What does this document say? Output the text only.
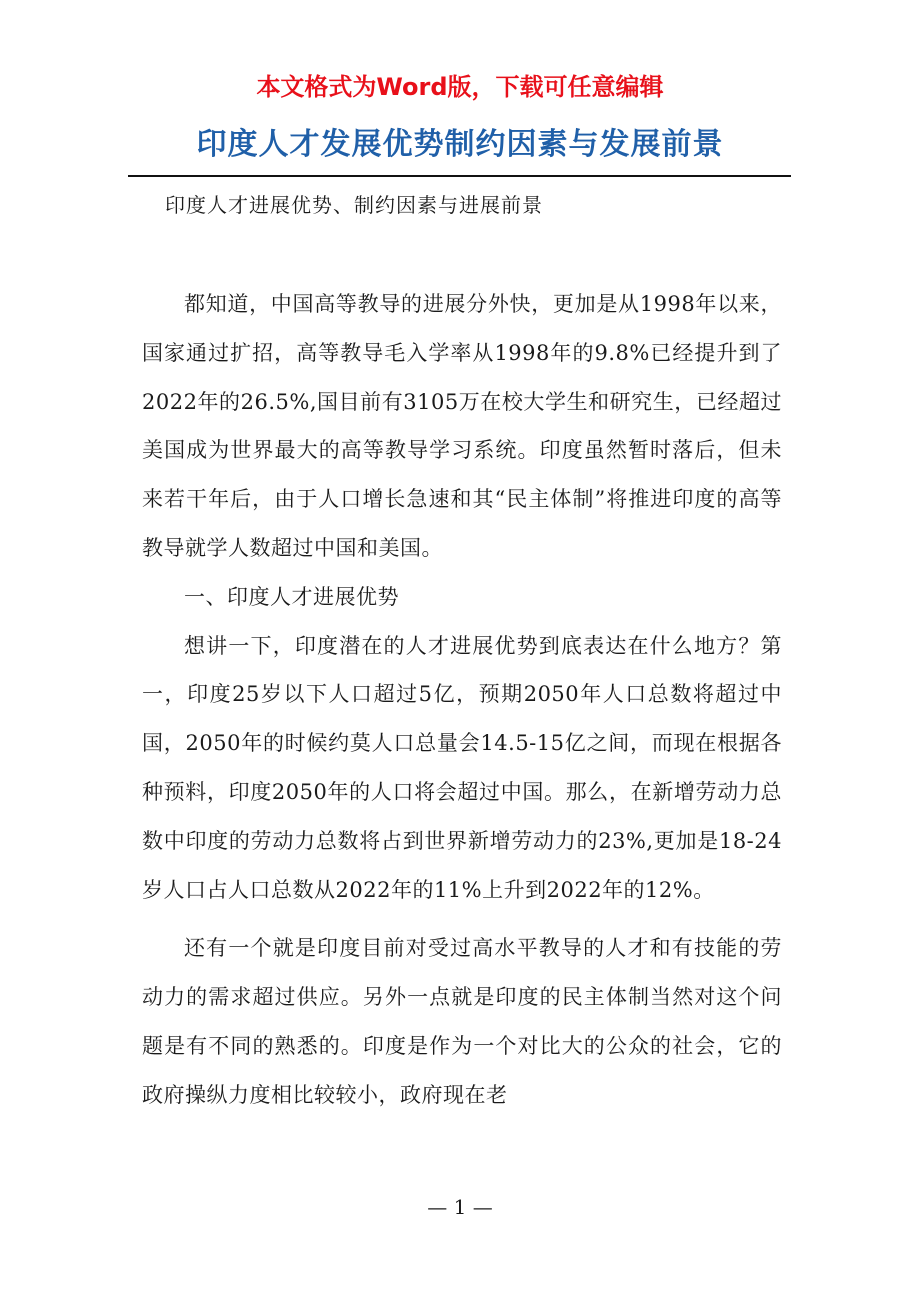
本文格式为Word版，下载可任意编辑
印度人才发展优势制约因素与发展前景
印度人才进展优势、制约因素与进展前景

都知道，中国高等教导的进展分外快，更加是从1998年以来，国家通过扩招，高等教导毛入学率从1998年的9.8%已经提升到了2022年的26.5%,国目前有3105万在校大学生和研究生，已经超过美国成为世界最大的高等教导学习系统。印度虽然暂时落后，但未来若干年后，由于人口增长急速和其“民主体制”将推进印度的高等教导就学人数超过中国和美国。

一、印度人才进展优势

想讲一下，印度潜在的人才进展优势到底表达在什么地方？第一，印度25岁以下人口超过5亿，预期2050年人口总数将超过中国，2050年的时候约莫人口总量会14.5-15亿之间，而现在根据各种预料，印度2050年的人口将会超过中国。那么，在新增劳动力总数中印度的劳动力总数将占到世界新增劳动力的23%,更加是18-24岁人口占人口总数从2022年的11%上升到2022年的12%。

还有一个就是印度目前对受过高水平教导的人才和有技能的劳动力的需求超过供应。另外一点就是印度的民主体制当然对这个问题是有不同的熟悉的。印度是作为一个对比大的公众的社会，它的政府操纵力度相比较较小，政府现在老

— 1 —
